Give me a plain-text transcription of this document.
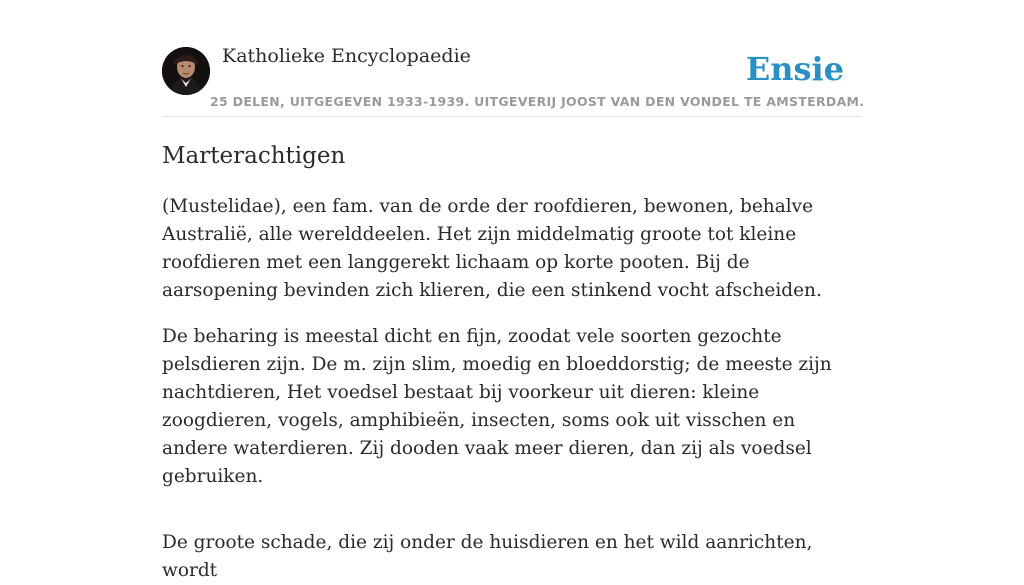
Katholieke Encyclopaedie	Ensie
25 DELEN, UITGEGEVEN 1933-1939. UITGEVERIJ JOOST VAN DEN VONDEL TE AMSTERDAM.
Marterachtigen

(Mustelidae), een fam. van de orde der roofdieren, bewonen, behalve Australië, alle werelddeelen. Het zijn middelmatig groote tot kleine roofdieren met een langgerekt lichaam op korte pooten. Bij de aarsopening bevinden zich klieren, die een stinkend vocht afscheiden.

De beharing is meestal dicht en fijn, zoodat vele soorten gezochte pelsdieren zijn. De m. zijn slim, moedig en bloeddorstig; de meeste zijn nachtdieren, Het voedsel bestaat bij voorkeur uit dieren: kleine zoogdieren, vogels, amphibieën, insecten, soms ook uit visschen en andere waterdieren. Zij dooden vaak meer dieren, dan zij als voedsel gebruiken.

De groote schade, die zij onder de huisdieren en het wild aanrichten, wordt
